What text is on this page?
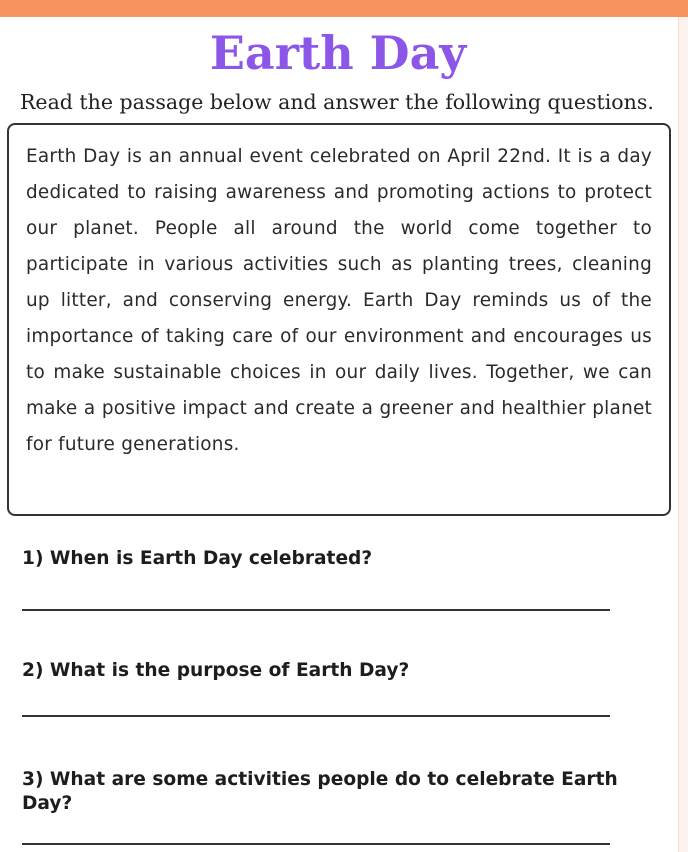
Earth Day

Read the passage below and answer the following questions.

Earth Day is an annual event celebrated on April 22nd. It is a day dedicated to raising awareness and promoting actions to protect our planet. People all around the world come together to participate in various activities such as planting trees, cleaning up litter, and conserving energy. Earth Day reminds us of the importance of taking care of our environment and encourages us to make sustainable choices in our daily lives. Together, we can make a positive impact and create a greener and healthier planet for future generations.

1) When is Earth Day celebrated?

2) What is the purpose of Earth Day?

3) What are some activities people do to celebrate Earth Day?
